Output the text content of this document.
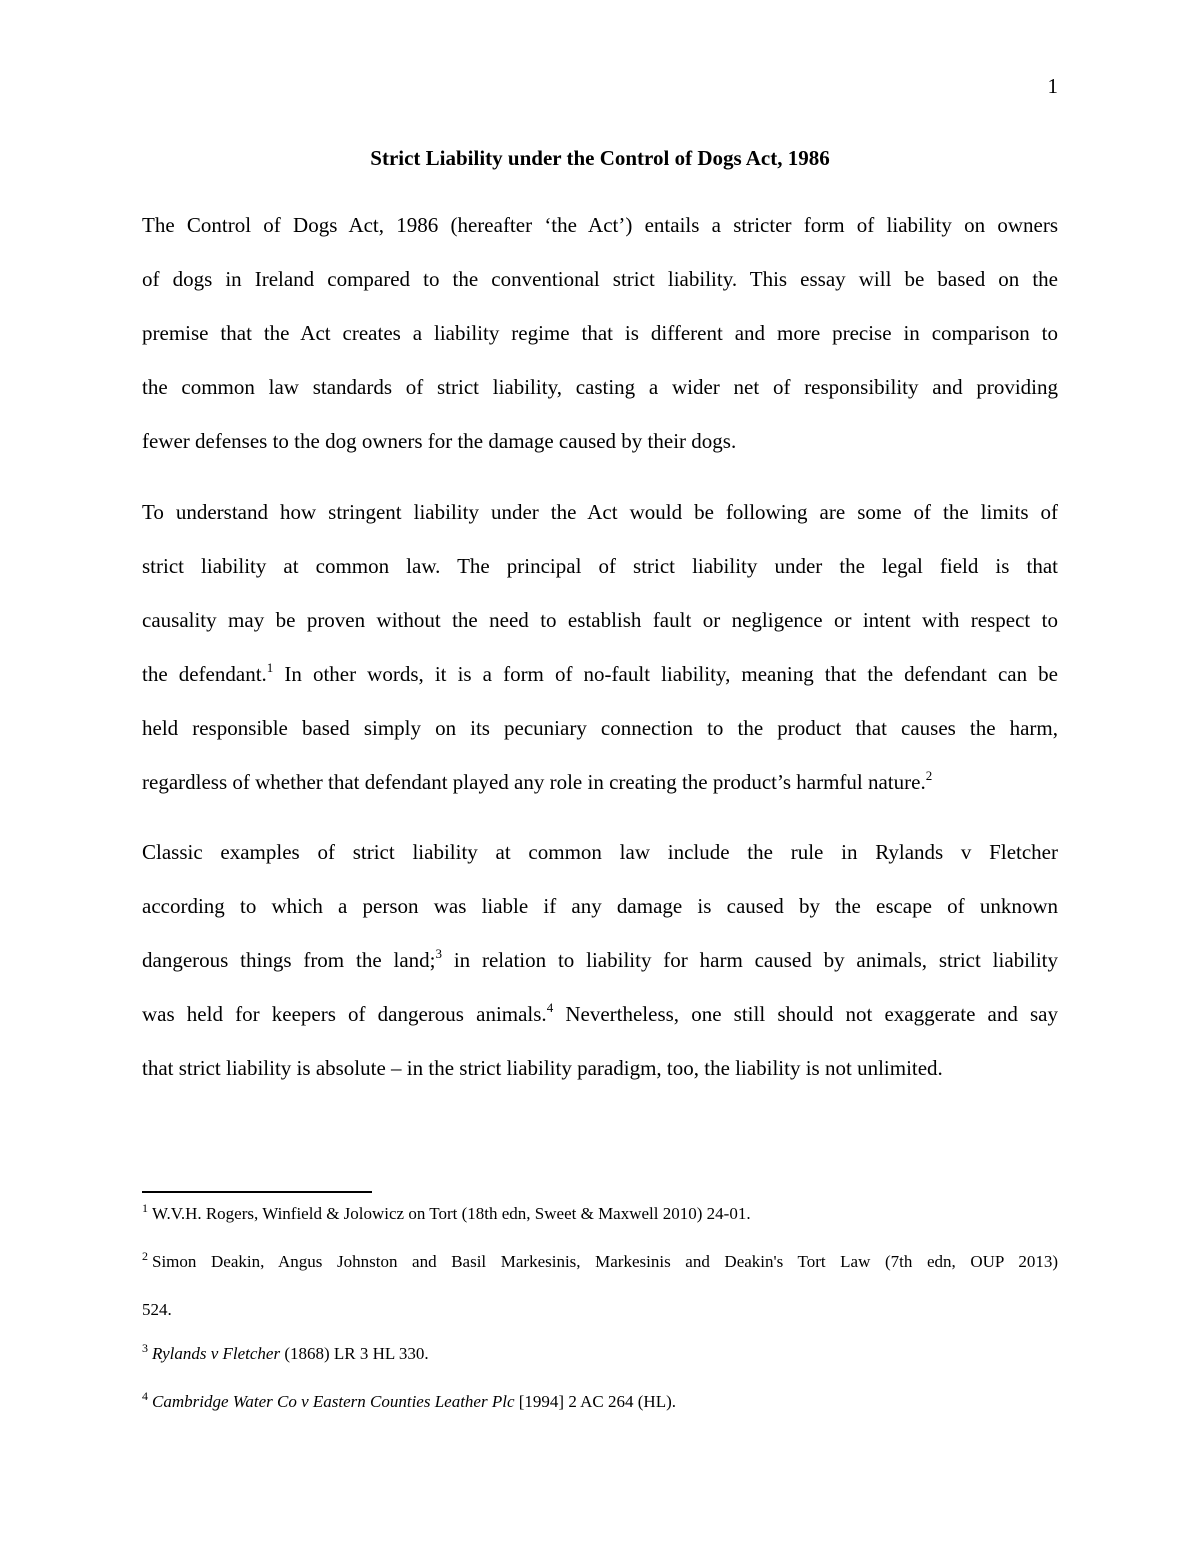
1
Strict Liability under the Control of Dogs Act, 1986
The Control of Dogs Act, 1986 (hereafter ‘the Act’) entails a stricter form of liability on owners
of dogs in Ireland compared to the conventional strict liability. This essay will be based on the
premise that the Act creates a liability regime that is different and more precise in comparison to
the common law standards of strict liability, casting a wider net of responsibility and providing
fewer defenses to the dog owners for the damage caused by their dogs.
To understand how stringent liability under the Act would be following are some of the limits of
strict liability at common law. The principal of strict liability under the legal field is that
causality may be proven without the need to establish fault or negligence or intent with respect to
the defendant.$^1$ In other words, it is a form of no-fault liability, meaning that the defendant can be
held responsible based simply on its pecuniary connection to the product that causes the harm,
regardless of whether that defendant played any role in creating the product’s harmful nature.$^2$
Classic examples of strict liability at common law include the rule in Rylands v Fletcher
according to which a person was liable if any damage is caused by the escape of unknown
dangerous things from the land;$^3$ in relation to liability for harm caused by animals, strict liability
was held for keepers of dangerous animals.$^4$ Nevertheless, one still should not exaggerate and say
that strict liability is absolute – in the strict liability paradigm, too, the liability is not unlimited.
$^1$ W.V.H. Rogers, Winfield & Jolowicz on Tort (18th edn, Sweet & Maxwell 2010) 24-01.
$^2$ Simon Deakin, Angus Johnston and Basil Markesinis, Markesinis and Deakin's Tort Law (7th edn, OUP 2013)
524.
$^3$ Rylands v Fletcher (1868) LR 3 HL 330.
$^4$ Cambridge Water Co v Eastern Counties Leather Plc [1994] 2 AC 264 (HL).
